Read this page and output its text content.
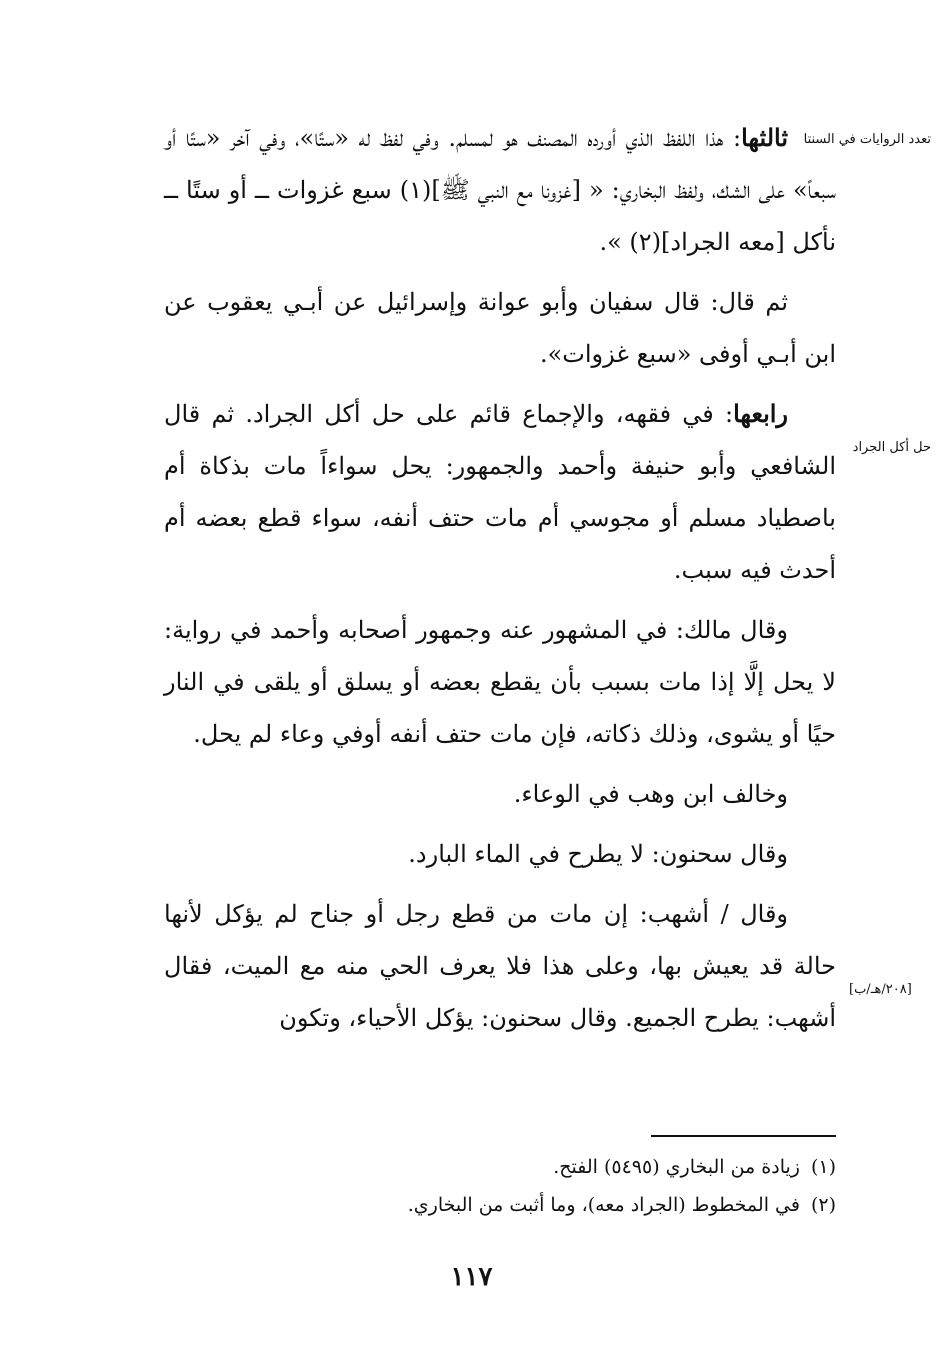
تعدد الروايات في السنتا
حل أكل الجراد
[٢٠٨/هـ/ب]

ثالثها: هذا اللفظ الذي أورده المصنف هو لمسلم. وفي لفظ له «ستًا»، وفي آخر «ستًا أو سبعاً» على الشك، ولفظ البخاري: « [غزونا مع النبي ﷺ](١) سبع غزوات ــ أو ستًا ــ نأكل [معه الجراد](٢) ».

ثم قال: قال سفيان وأبو عوانة وإسرائيل عن أبـي يعقوب عن ابن أبـي أوفى «سبع غزوات».

رابعها: في فقهه، والإجماع قائم على حل أكل الجراد. ثم قال الشافعي وأبو حنيفة وأحمد والجمهور: يحل سواءاً مات بذكاة أم باصطياد مسلم أو مجوسي أم مات حتف أنفه، سواء قطع بعضه أم أحدث فيه سبب.

وقال مالك: في المشهور عنه وجمهور أصحابه وأحمد في رواية: لا يحل إلَّا إذا مات بسبب بأن يقطع بعضه أو يسلق أو يلقى في النار حيًا أو يشوى، وذلك ذكاته، فإن مات حتف أنفه أوفي وعاء لم يحل.

وخالف ابن وهب في الوعاء.

وقال سحنون: لا يطرح في الماء البارد.

وقال / أشهب: إن مات من قطع رجل أو جناح لم يؤكل لأنها حالة قد يعيش بها، وعلى هذا فلا يعرف الحي منه مع الميت، فقال أشهب: يطرح الجميع. وقال سحنون: يؤكل الأحياء، وتكون

(١) زيادة من البخاري (٥٤٩٥) الفتح.

(٢) في المخطوط (الجراد معه)، وما أثبت من البخاري.

١١٧
